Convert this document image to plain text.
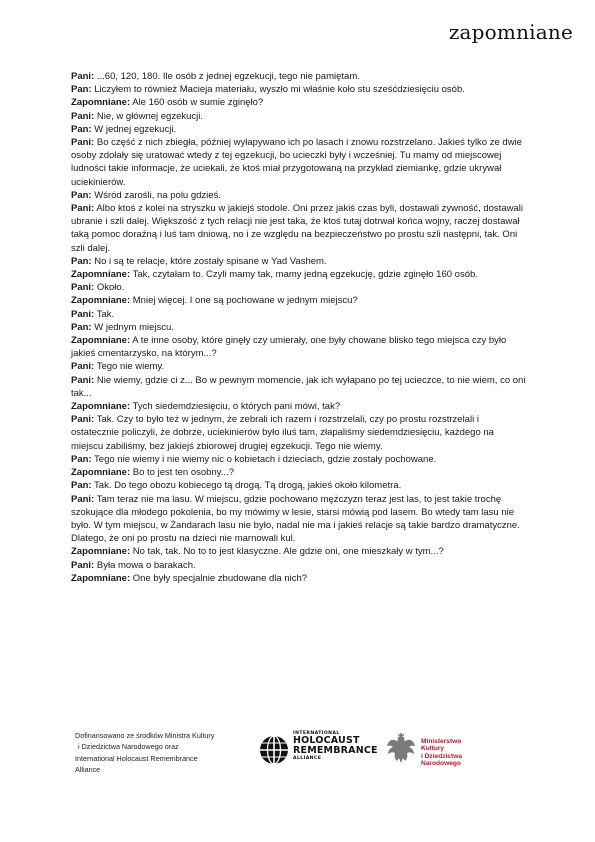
zapomniane

Pani: ...60, 120, 180. Ile osób z jednej egzekucji, tego nie pamiętam.

Pan: Liczyłem to również Macieja materiału, wyszło mi właśnie koło stu sześćdziesięciu osób.

Zapomniane: Ale 160 osób w sumie zginęło?

Pani: Nie, w głównej egzekucji.

Pan: W jednej egzekucji.

Pani: Bo część z nich zbiegła, później wyłapywano ich po lasach i znowu rozstrzelano. Jakieś tylko ze dwie osoby zdołały się uratować wtedy z tej egzekucji, bo ucieczki były i wcześniej. Tu mamy od miejscowej ludności takie informacje, że uciekali, że ktoś miał przygotowaną na przykład ziemiankę, gdzie ukrywał uciekinierów.

Pan: Wśród zarośli, na polu gdzieś.

Pani: Albo ktoś z kolei na stryszku w jakiejś stodole. Oni przez jakiś czas byli, dostawali żywność, dostawali ubranie i szli dalej. Większość z tych relacji nie jest taka, że ktoś tutaj dotrwał końca wojny, raczej dostawał taką pomoc doraźną i luś tam dniową, no i ze względu na bezpieczeństwo po prostu szli następni, tak. Oni szli dalej.

Pan: No i są te relacje, które zostały spisane w Yad Vashem.

Zapomniane: Tak, czytałam to. Czyli mamy tak, mamy jedną egzekucję, gdzie zginęło 160 osób.

Pani: Około.

Zapomniane: Mniej więcej. I one są pochowane w jednym miejscu?

Pani: Tak.

Pan: W jednym miejscu.

Zapomniane: A te inne osoby, które ginęły czy umierały, one były chowane blisko tego miejsca czy było jakieś cmentarzysko, na którym...?

Pani: Tego nie wiemy.

Pani: Nie wiemy, gdzie ci z... Bo w pewnym momencie, jak ich wyłapano po tej ucieczce, to nie wiem, co oni tak...

Zapomniane: Tych siedemdziesięciu, o których pani mówi, tak?

Pani: Tak. Czy to było też w jednym, że zebrali ich razem i rozstrzelali, czy po prostu rozstrzelali i ostatecznie policzyli, że dobrze, uciekinierów było iluś tam, złapaliśmy siedemdziesięciu, każdego na miejscu zabiliśmy, bez jakiejś zbiorowej drugiej egzekucji. Tego nie wiemy.

Pan: Tego nie wiemy i nie wiemy nic o kobietach i dzieciach, gdzie zostały pochowane.

Zapomniane: Bo to jest ten osobny...?

Pan: Tak. Do tego obozu kobiecego tą drogą. Tą drogą, jakieś około kilometra.

Pani: Tam teraz nie ma lasu. W miejscu, gdzie pochowano mężczyzn teraz jest las, to jest takie trochę szokujące dla młodego pokolenia, bo my mówimy w lesie, starsi mówią pod lasem. Bo wtedy tam lasu nie było. W tym miejscu, w Żandarach lasu nie było, nadal nie ma i jakieś relacje są takie bardzo dramatyczne. Dlatego, że oni po prostu na dzieci nie marnowali kul.

Zapomniane: No tak, tak. No to to jest klasyczne. Ale gdzie oni, one mieszkały w tym...?

Pani: Była mowa o barakach.

Zapomniane: One były specjalnie zbudowane dla nich?

Dofinansowano ze środków Ministra Kultury
i Dziedzictwa Narodowego oraz
International Holocaust Remembrance
Alliance
INTERNATIONAL
HOLOCAUST
REMEMBRANCE
ALLIANCE
Ministerstwo
Kultury
i Dziedzictwa
Narodowego
